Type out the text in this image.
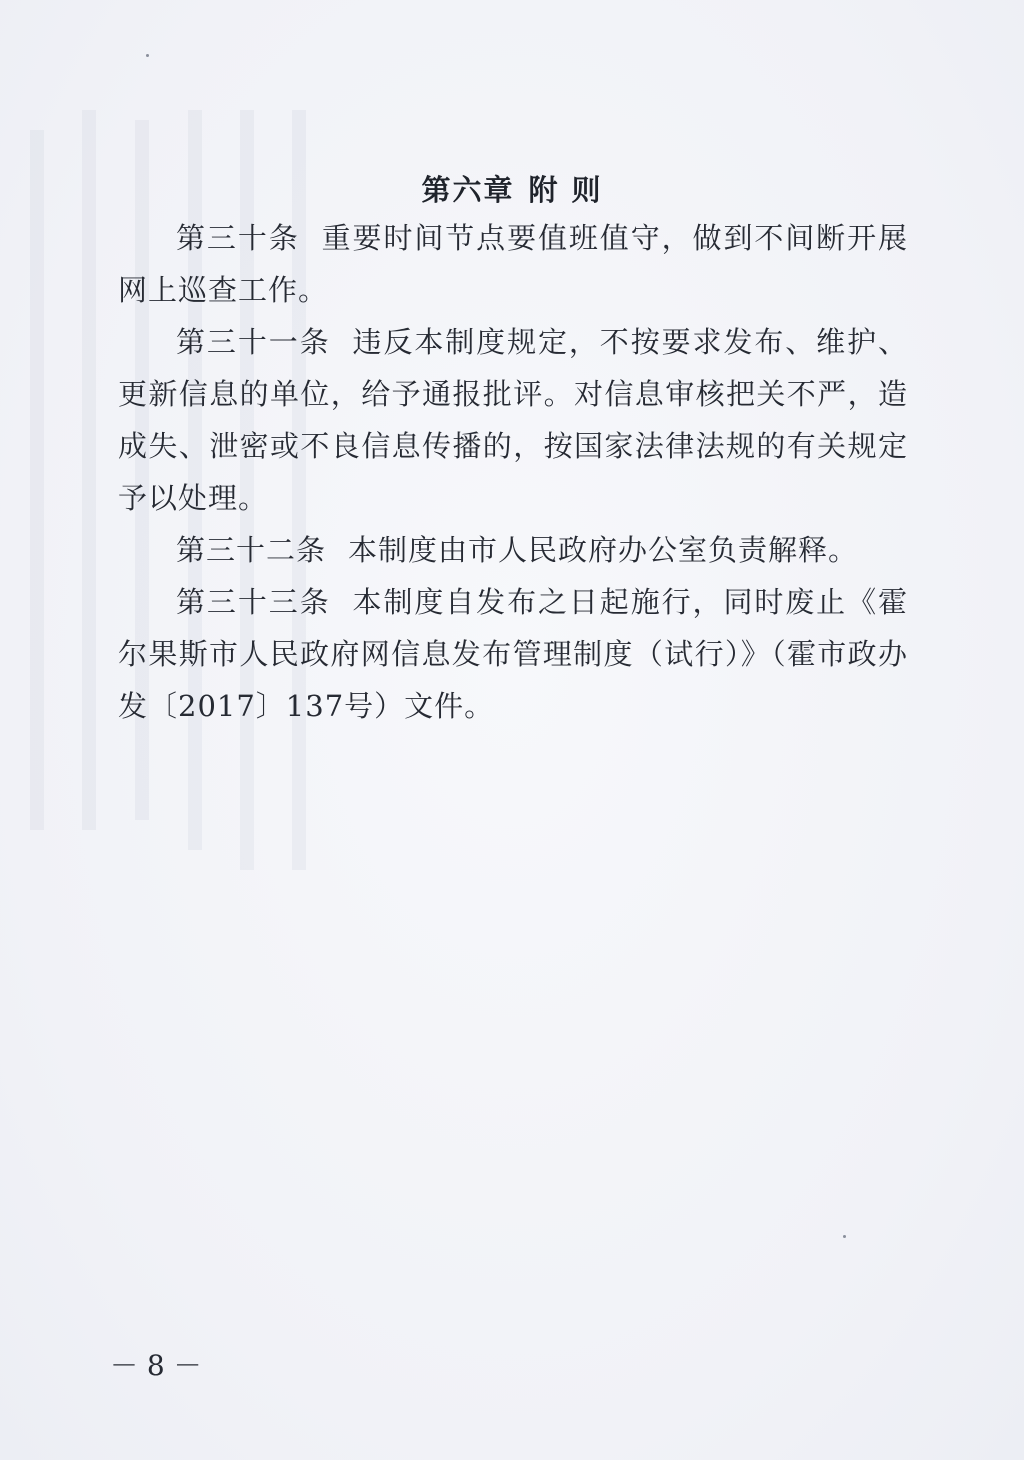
第六章 附 则

第三十条 重要时间节点要值班值守，做到不间断开展网上巡查工作。

第三十一条 违反本制度规定，不按要求发布、维护、更新信息的单位，给予通报批评。对信息审核把关不严，造成失、泄密或不良信息传播的，按国家法律法规的有关规定予以处理。

第三十二条 本制度由市人民政府办公室负责解释。

第三十三条 本制度自发布之日起施行，同时废止《霍尔果斯市人民政府网信息发布管理制度（试行）》（霍市政办发〔2017〕137号）文件。

－ 8 －
